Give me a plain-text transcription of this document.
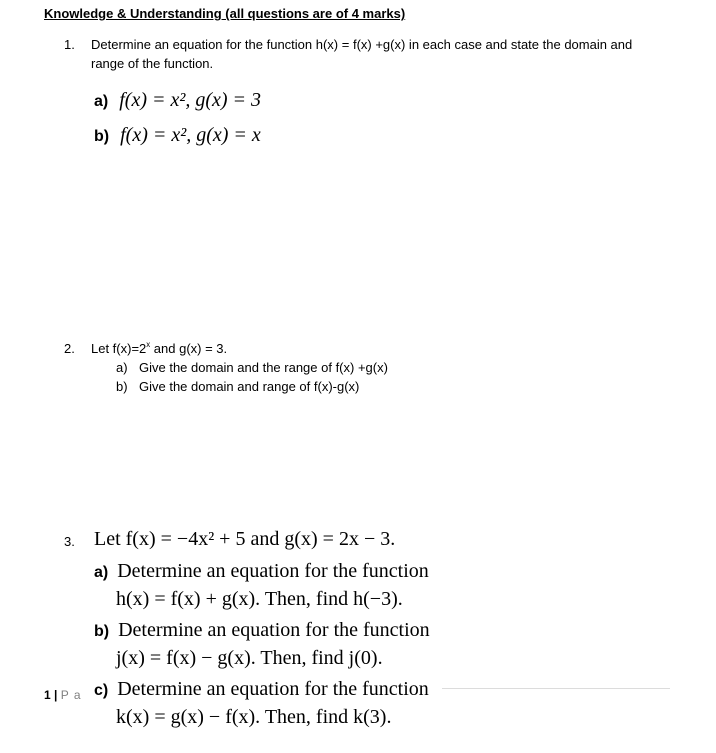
Knowledge & Understanding (all questions are of 4 marks)
1. Determine an equation for the function h(x) = f(x) +g(x) in each case and state the domain and
range of the function.
a) f(x) = x², g(x) = 3
b) f(x) = x², g(x) = x
2. Let $f(x)=2^x$ and g(x) = 3.
a) Give the domain and the range of f(x) +g(x)
b) Give the domain and range of f(x)-g(x)
3. Let f(x) = −4x² + 5 and g(x) = 2x − 3.
a) Determine an equation for the function
h(x) = f(x) + g(x). Then, find h(−3).
b) Determine an equation for the function
j(x) = f(x) − g(x). Then, find j(0).
c) Determine an equation for the function
k(x) = g(x) − f(x). Then, find k(3).
1 | P a
